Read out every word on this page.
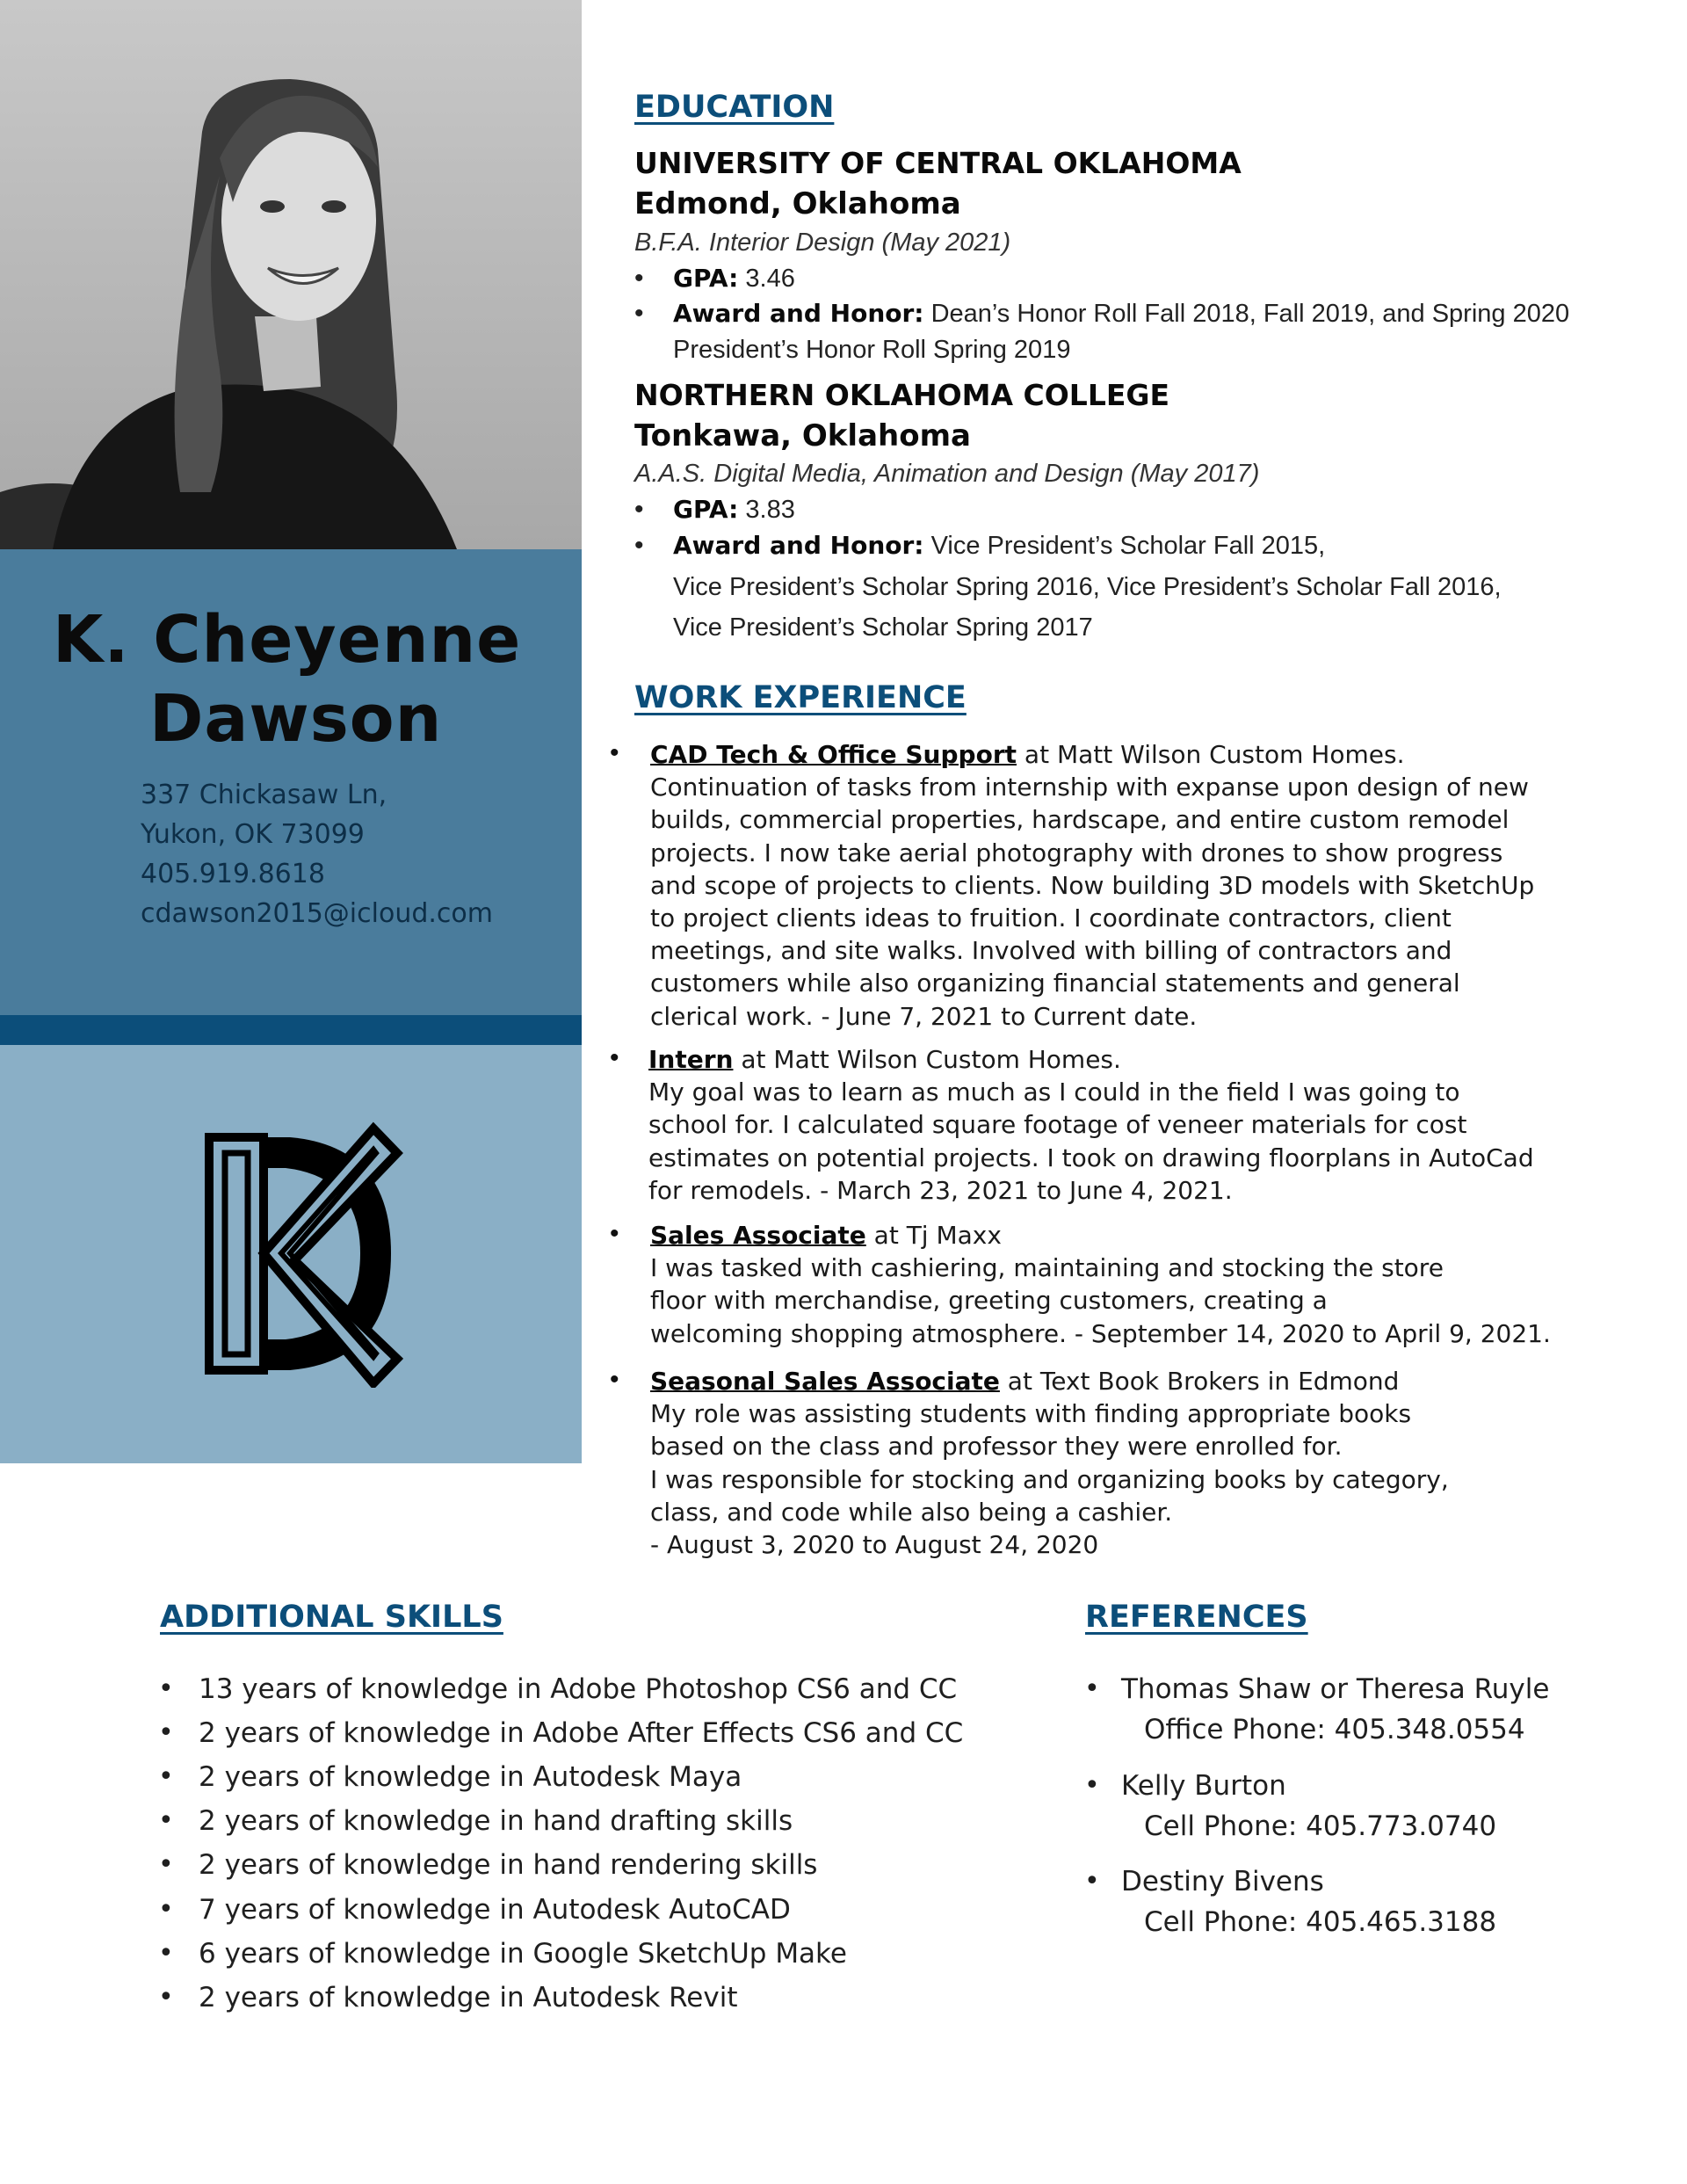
K. Cheyenne
Dawson
337 Chickasaw Ln,
Yukon, OK 73099
405.919.8618
cdawson2015@icloud.com
EDUCATION
UNIVERSITY OF CENTRAL OKLAHOMA
Edmond, Oklahoma
B.F.A. Interior Design (May 2021)
• GPA: 3.46
• Award and Honor: Dean’s Honor Roll Fall 2018, Fall 2019, and Spring 2020
President’s Honor Roll Spring 2019
NORTHERN OKLAHOMA COLLEGE
Tonkawa, Oklahoma
A.A.S. Digital Media, Animation and Design (May 2017)
• GPA: 3.83
• Award and Honor: Vice President’s Scholar Fall 2015,
Vice President’s Scholar Spring 2016, Vice President’s Scholar Fall 2016,
Vice President’s Scholar Spring 2017
WORK EXPERIENCE
• CAD Tech & Office Support at Matt Wilson Custom Homes.

Continuation of tasks from internship with expanse upon design of new

builds, commercial properties, hardscape, and entire custom remodel

projects. I now take aerial photography with drones to show progress

and scope of projects to clients. Now building 3D models with SketchUp

to project clients ideas to fruition. I coordinate contractors, client

meetings, and site walks. Involved with billing of contractors and

customers while also organizing financial statements and general

clerical work. - June 7, 2021 to Current date.

• Intern at Matt Wilson Custom Homes.

My goal was to learn as much as I could in the field I was going to

school for. I calculated square footage of veneer materials for cost

estimates on potential projects. I took on drawing floorplans in AutoCad

for remodels. - March 23, 2021 to June 4, 2021.

• Sales Associate at Tj Maxx

I was tasked with cashiering, maintaining and stocking the store

floor with merchandise, greeting customers, creating a

welcoming shopping atmosphere. - September 14, 2020 to April 9, 2021.

• Seasonal Sales Associate at Text Book Brokers in Edmond

My role was assisting students with finding appropriate books

based on the class and professor they were enrolled for.

I was responsible for stocking and organizing books by category,

class, and code while also being a cashier.

- August 3, 2020 to August 24, 2020

ADDITIONAL SKILLS
• 13 years of knowledge in Adobe Photoshop CS6 and CC
• 2 years of knowledge in Adobe After Effects CS6 and CC
• 2 years of knowledge in Autodesk Maya
• 2 years of knowledge in hand drafting skills
• 2 years of knowledge in hand rendering skills
• 7 years of knowledge in Autodesk AutoCAD
• 6 years of knowledge in Google SketchUp Make
• 2 years of knowledge in Autodesk Revit
REFERENCES
• Thomas Shaw or Theresa Ruyle
Office Phone: 405.348.0554
• Kelly Burton
Cell Phone: 405.773.0740
• Destiny Bivens
Cell Phone: 405.465.3188
